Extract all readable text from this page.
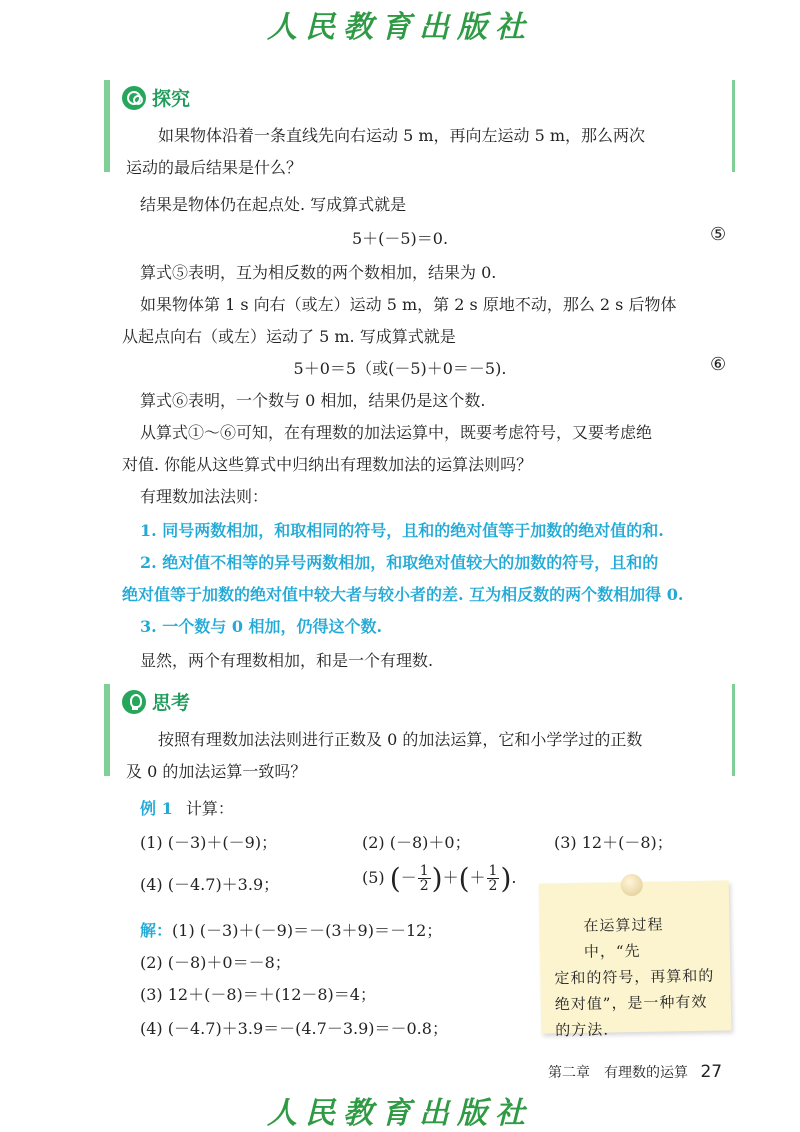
人民教育出版社
探究
如果物体沿着一条直线先向右运动 5 m，再向左运动 5 m，那么两次
运动的最后结果是什么？
结果是物体仍在起点处. 写成算式就是
5＋(－5)＝0.	⑤
算式⑤表明，互为相反数的两个数相加，结果为 0.
如果物体第 1 s 向右（或左）运动 5 m，第 2 s 原地不动，那么 2 s 后物体
从起点向右（或左）运动了 5 m. 写成算式就是
5＋0＝5（或(－5)＋0＝－5).	⑥
算式⑥表明，一个数与 0 相加，结果仍是这个数.
从算式①～⑥可知，在有理数的加法运算中，既要考虑符号，又要考虑绝
对值. 你能从这些算式中归纳出有理数加法的运算法则吗？
有理数加法法则：
1. 同号两数相加，和取相同的符号，且和的绝对值等于加数的绝对值的和.
2. 绝对值不相等的异号两数相加，和取绝对值较大的加数的符号，且和的
绝对值等于加数的绝对值中较大者与较小者的差. 互为相反数的两个数相加得 0.
3. 一个数与 0 相加，仍得这个数.
显然，两个有理数相加，和是一个有理数.
思考
按照有理数加法法则进行正数及 0 的加法运算，它和小学学过的正数
及 0 的加法运算一致吗？
例 1 计算：
(1) (－3)＋(－9)；	(2) (－8)＋0；	(3) 12＋(－8)；
(4) (－4.7)＋3.9；	(5) (－ $\frac{1}{2}$ )＋(＋ $\frac{1}{2}$ ).
解：(1) (－3)＋(－9)＝－(3＋9)＝－12；
(2) (－8)＋0＝－8；
(3) 12＋(－8)＝＋(12－8)＝4；
(4) (－4.7)＋3.9＝－(4.7－3.9)＝－0.8；
在运算过程中，“先
定和的符号，再算和的
绝对值”，是一种有效
的方法.
第二章　有理数的运算 27
人民教育出版社
